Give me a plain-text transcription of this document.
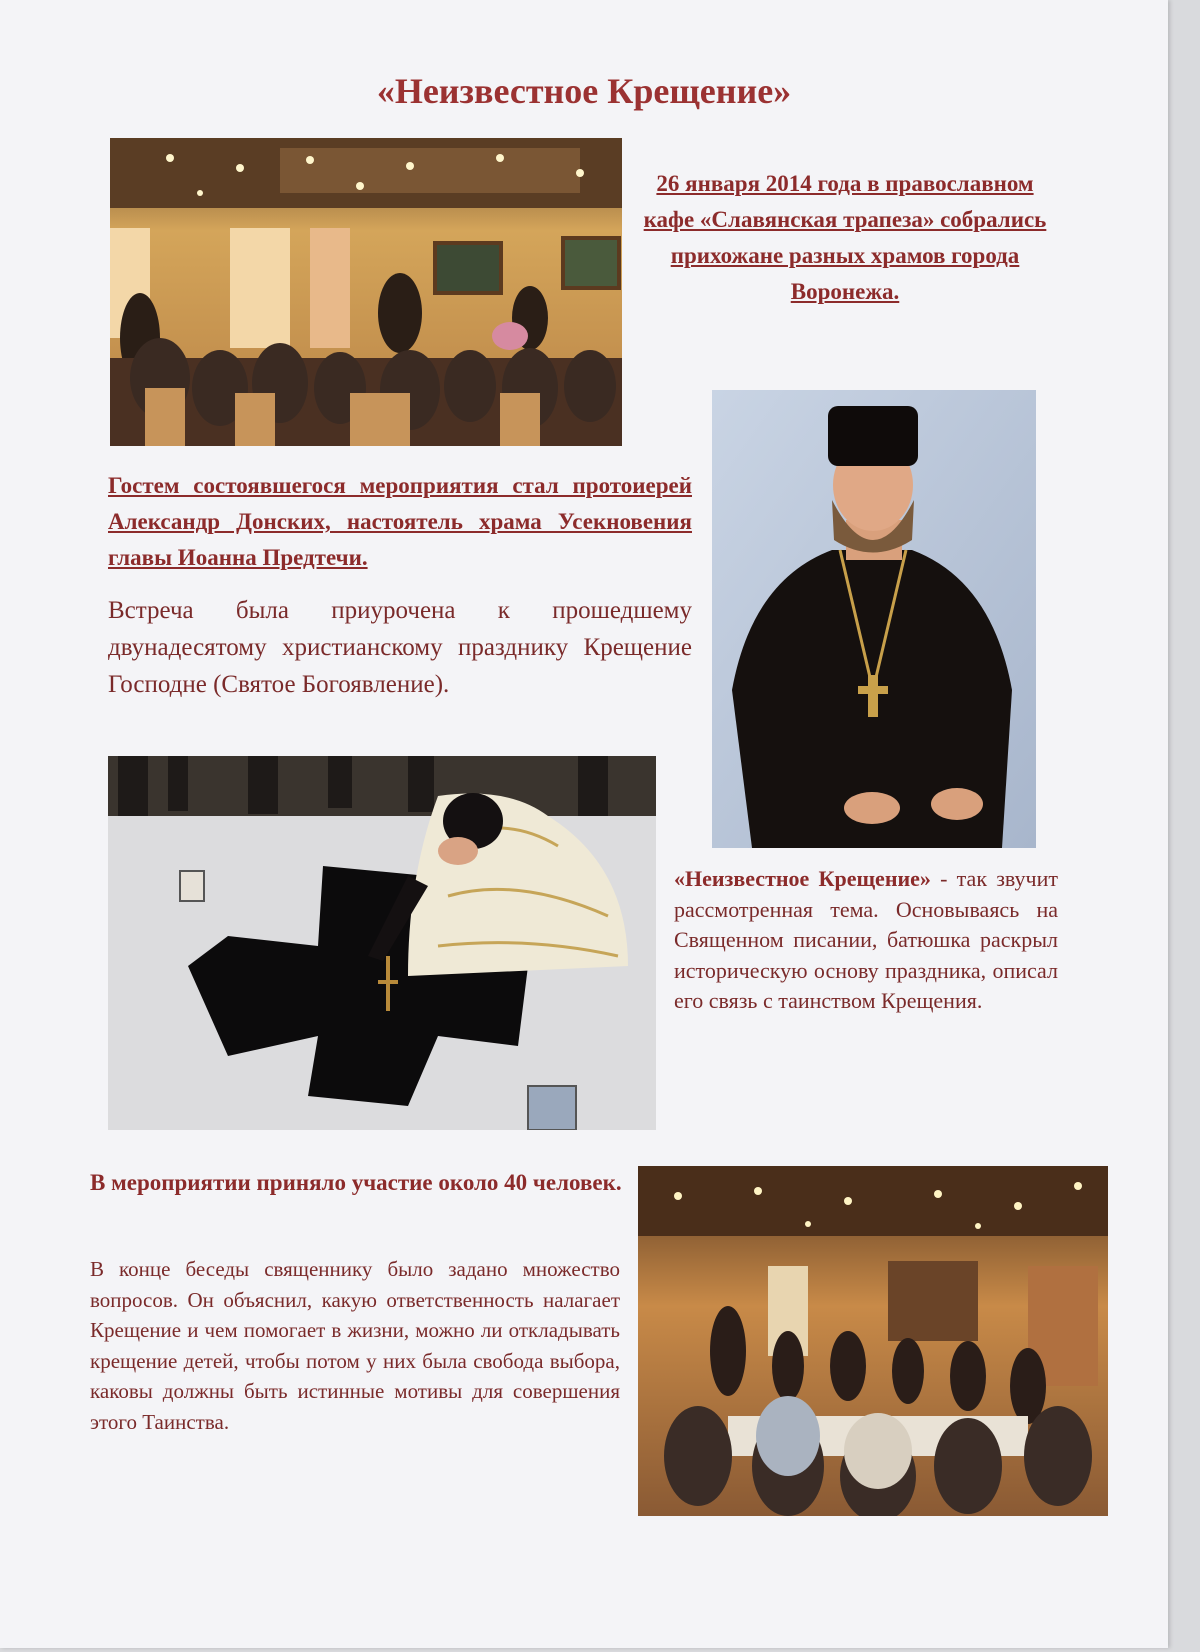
«Неизвестное Крещение»

26 января 2014 года в православном кафе «Славянская трапеза» собрались прихожане разных храмов города Воронежа.

Гостем состоявшегося мероприятия стал протоиерей Александр Донских, настоятель храма Усекновения главы Иоанна Предтечи.

Встреча была приурочена к прошедшему двунадесятому христианскому празднику Крещение Господне (Святое Богоявление).

«Неизвестное Крещение» - так звучит рассмотренная тема. Основываясь на Священном писании, батюшка раскрыл историческую основу праздника, описал его связь с таинством Крещения.

В мероприятии приняло участие около 40 человек.

В конце беседы священнику было задано множество вопросов. Он объяснил, какую ответственность налагает Крещение и чем помогает в жизни, можно ли откладывать крещение детей, чтобы потом у них была свобода выбора, каковы должны быть истинные мотивы для совершения этого Таинства.
